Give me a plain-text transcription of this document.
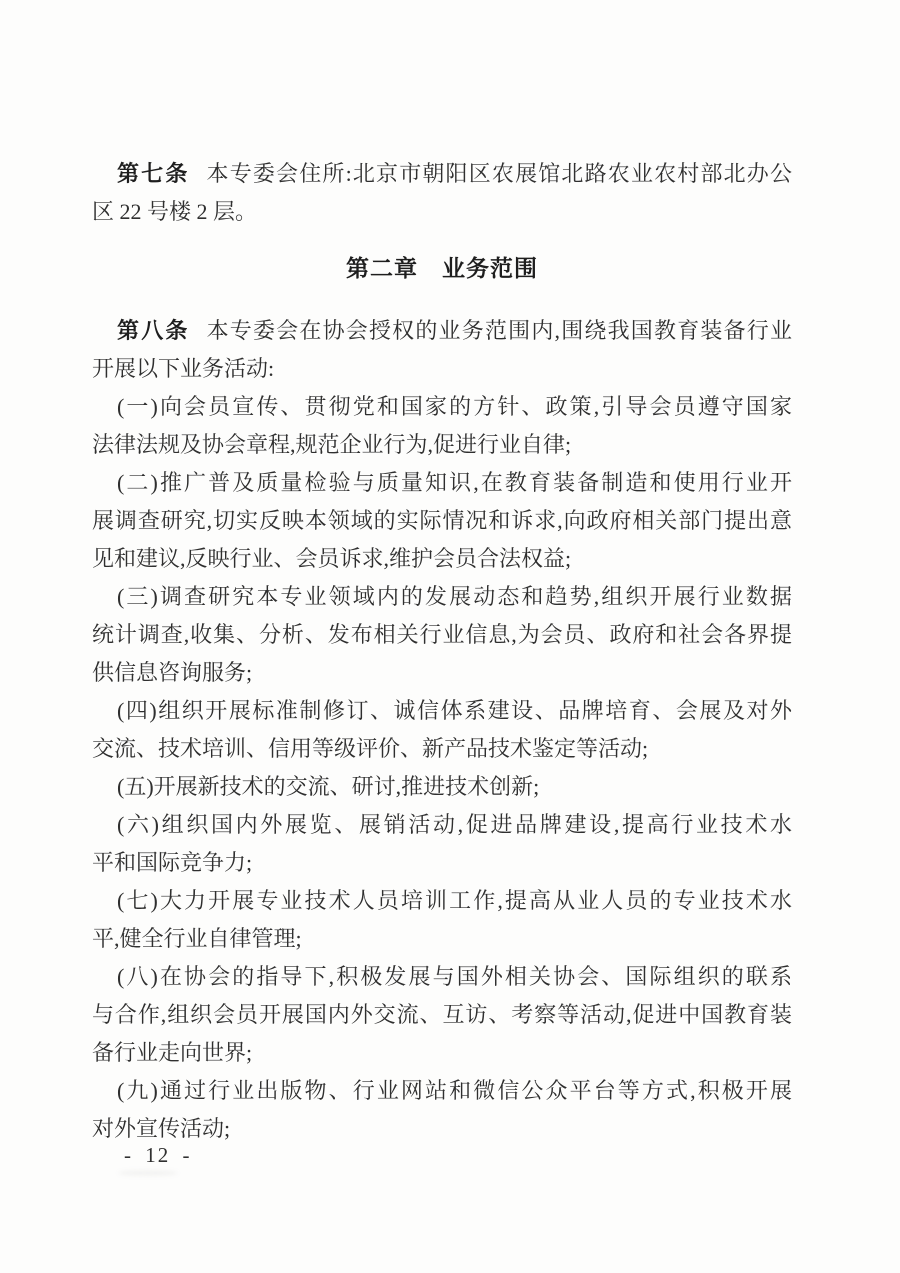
第七条 本专委会住所:北京市朝阳区农展馆北路农业农村部北办公
区 22 号楼 2 层。

第二章　业务范围

第八条 本专委会在协会授权的业务范围内,围绕我国教育装备行业
开展以下业务活动:

(一)向会员宣传、贯彻党和国家的方针、政策,引导会员遵守国家
法律法规及协会章程,规范企业行为,促进行业自律;

(二)推广普及质量检验与质量知识,在教育装备制造和使用行业开
展调查研究,切实反映本领域的实际情况和诉求,向政府相关部门提出意
见和建议,反映行业、会员诉求,维护会员合法权益;

(三)调查研究本专业领域内的发展动态和趋势,组织开展行业数据
统计调查,收集、分析、发布相关行业信息,为会员、政府和社会各界提
供信息咨询服务;

(四)组织开展标准制修订、诚信体系建设、品牌培育、会展及对外
交流、技术培训、信用等级评价、新产品技术鉴定等活动;

(五)开展新技术的交流、研讨,推进技术创新;

(六)组织国内外展览、展销活动,促进品牌建设,提高行业技术水
平和国际竞争力;

(七)大力开展专业技术人员培训工作,提高从业人员的专业技术水
平,健全行业自律管理;

(八)在协会的指导下,积极发展与国外相关协会、国际组织的联系
与合作,组织会员开展国内外交流、互访、考察等活动,促进中国教育装
备行业走向世界;

(九)通过行业出版物、行业网站和微信公众平台等方式,积极开展
对外宣传活动;

- 12 -
